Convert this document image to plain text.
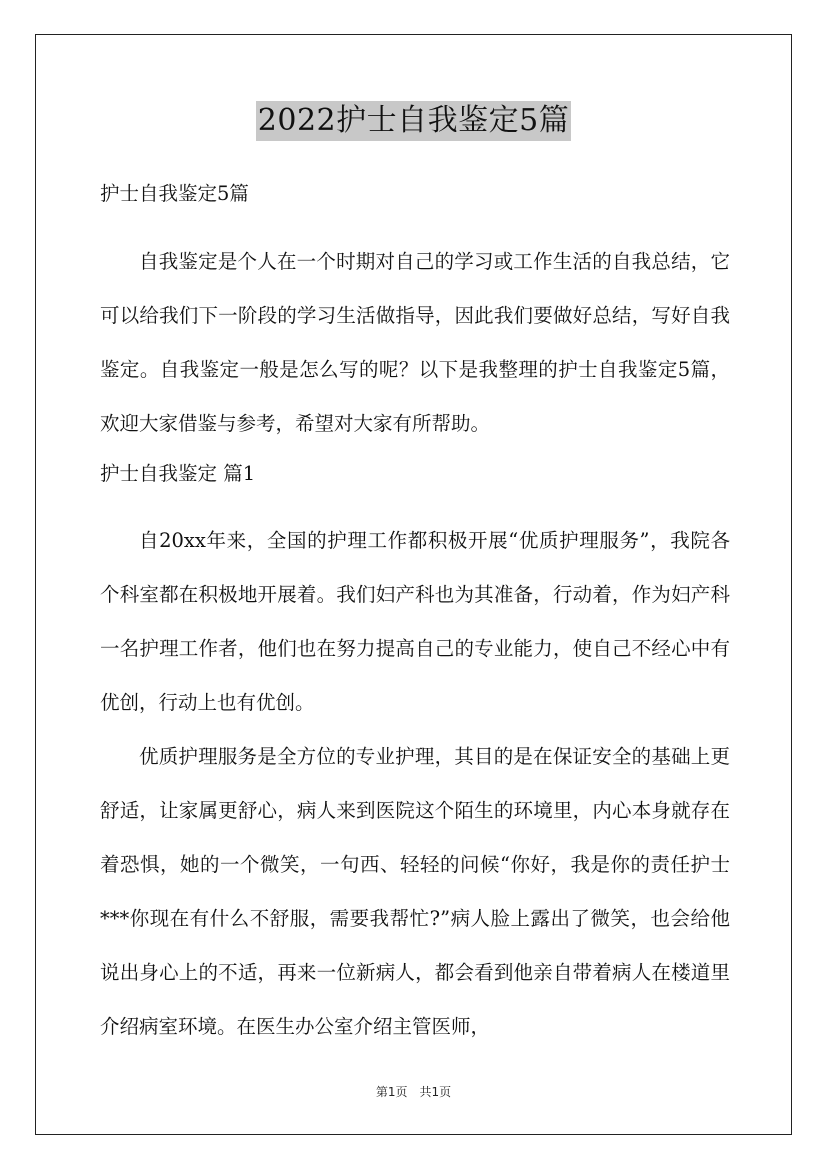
2022护士自我鉴定5篇

护士自我鉴定5篇

自我鉴定是个人在一个时期对自己的学习或工作生活的自我总结，它可以给我们下一阶段的学习生活做指导，因此我们要做好总结，写好自我鉴定。自我鉴定一般是怎么写的呢？以下是我整理的护士自我鉴定5篇，欢迎大家借鉴与参考，希望对大家有所帮助。

护士自我鉴定 篇1

自20xx年来，全国的护理工作都积极开展“优质护理服务”，我院各个科室都在积极地开展着。我们妇产科也为其准备，行动着，作为妇产科一名护理工作者，他们也在努力提高自己的专业能力，使自己不经心中有优创，行动上也有优创。

优质护理服务是全方位的专业护理，其目的是在保证安全的基础上更舒适，让家属更舒心，病人来到医院这个陌生的环境里，内心本身就存在着恐惧，她的一个微笑，一句西、轻轻的问候“你好，我是你的责任护士***你现在有什么不舒服，需要我帮忙?”病人脸上露出了微笑，也会给他说出身心上的不适，再来一位新病人，都会看到他亲自带着病人在楼道里介绍病室环境。在医生办公室介绍主管医师，

第1页　共1页
